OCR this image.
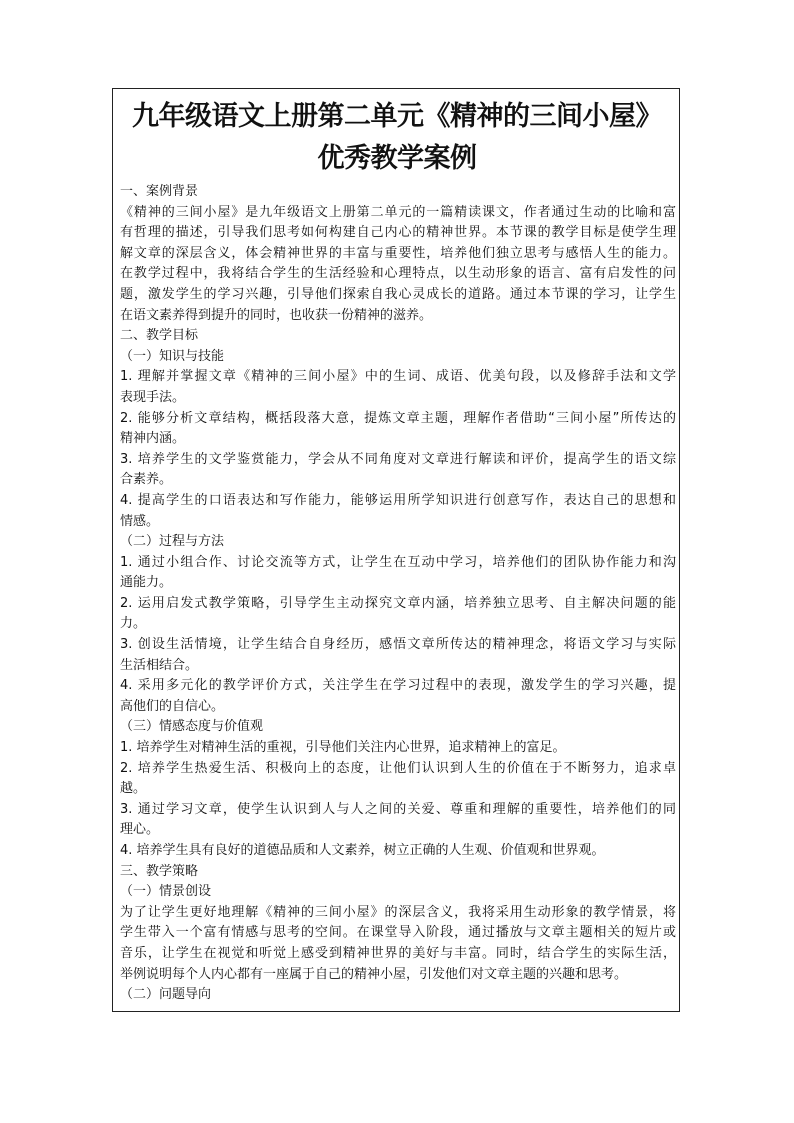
九年级语文上册第二单元《精神的三间小屋》
优秀教学案例
一、案例背景
《精神的三间小屋》是九年级语文上册第二单元的一篇精读课文，作者通过生动的比喻和富
有哲理的描述，引导我们思考如何构建自己内心的精神世界。本节课的教学目标是使学生理
解文章的深层含义，体会精神世界的丰富与重要性，培养他们独立思考与感悟人生的能力。
在教学过程中，我将结合学生的生活经验和心理特点，以生动形象的语言、富有启发性的问
题，激发学生的学习兴趣，引导他们探索自我心灵成长的道路。通过本节课的学习，让学生
在语文素养得到提升的同时，也收获一份精神的滋养。
二、教学目标
（一）知识与技能
1. 理解并掌握文章《精神的三间小屋》中的生词、成语、优美句段，以及修辞手法和文学
表现手法。
2. 能够分析文章结构，概括段落大意，提炼文章主题，理解作者借助“三间小屋”所传达的
精神内涵。
3. 培养学生的文学鉴赏能力，学会从不同角度对文章进行解读和评价，提高学生的语文综
合素养。
4. 提高学生的口语表达和写作能力，能够运用所学知识进行创意写作，表达自己的思想和
情感。
（二）过程与方法
1. 通过小组合作、讨论交流等方式，让学生在互动中学习，培养他们的团队协作能力和沟
通能力。
2. 运用启发式教学策略，引导学生主动探究文章内涵，培养独立思考、自主解决问题的能
力。
3. 创设生活情境，让学生结合自身经历，感悟文章所传达的精神理念，将语文学习与实际
生活相结合。
4. 采用多元化的教学评价方式，关注学生在学习过程中的表现，激发学生的学习兴趣，提
高他们的自信心。
（三）情感态度与价值观
1. 培养学生对精神生活的重视，引导他们关注内心世界，追求精神上的富足。
2. 培养学生热爱生活、积极向上的态度，让他们认识到人生的价值在于不断努力，追求卓
越。
3. 通过学习文章，使学生认识到人与人之间的关爱、尊重和理解的重要性，培养他们的同
理心。
4. 培养学生具有良好的道德品质和人文素养，树立正确的人生观、价值观和世界观。
三、教学策略
（一）情景创设
为了让学生更好地理解《精神的三间小屋》的深层含义，我将采用生动形象的教学情景，将
学生带入一个富有情感与思考的空间。在课堂导入阶段，通过播放与文章主题相关的短片或
音乐，让学生在视觉和听觉上感受到精神世界的美好与丰富。同时，结合学生的实际生活，
举例说明每个人内心都有一座属于自己的精神小屋，引发他们对文章主题的兴趣和思考。
（二）问题导向
